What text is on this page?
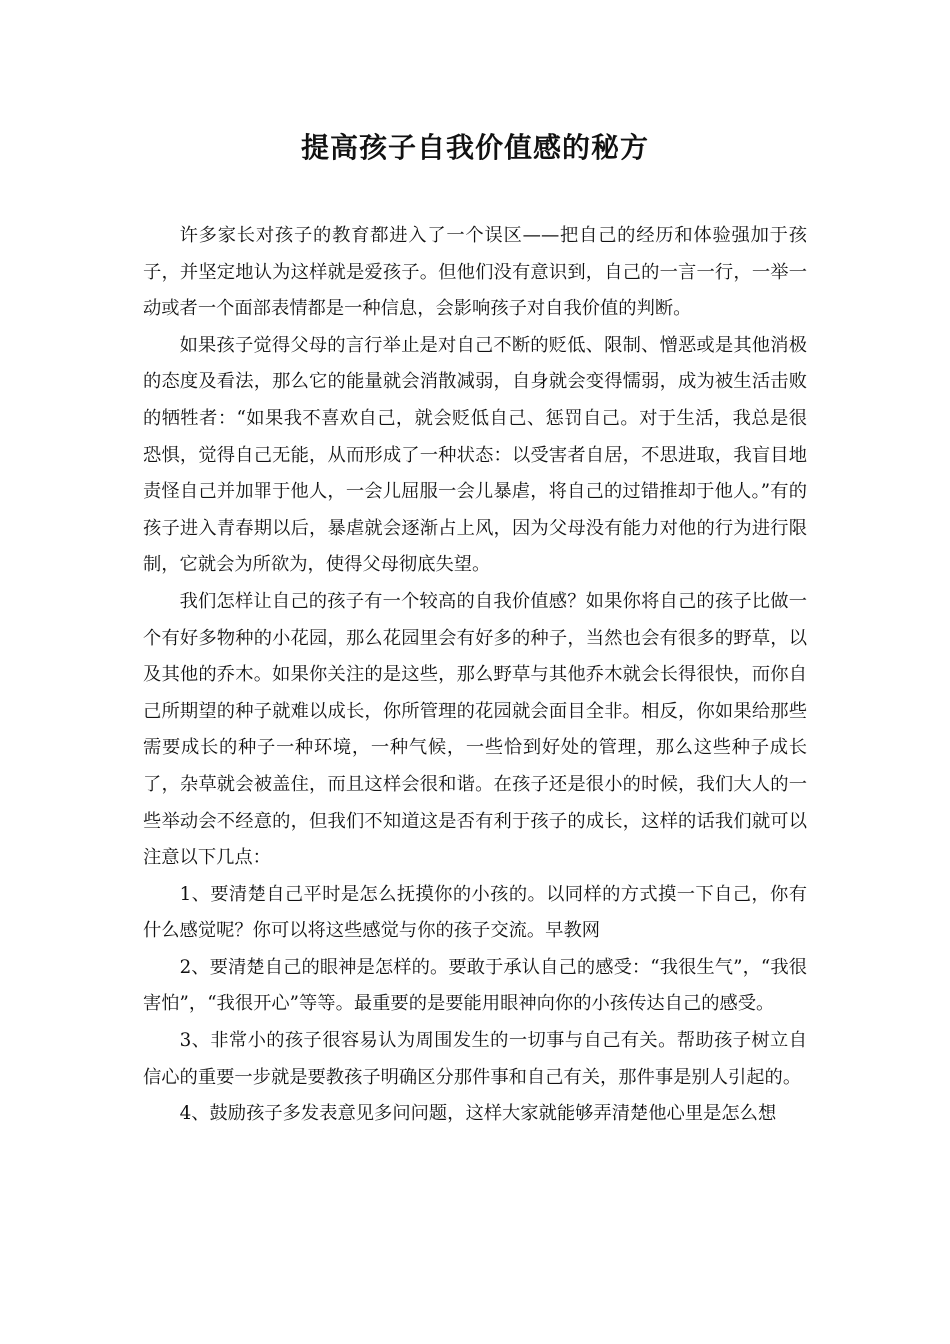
提高孩子自我价值感的秘方

许多家长对孩子的教育都进入了一个误区——把自己的经历和体验强加于孩子，并坚定地认为这样就是爱孩子。但他们没有意识到，自己的一言一行，一举一动或者一个面部表情都是一种信息，会影响孩子对自我价值的判断。

如果孩子觉得父母的言行举止是对自己不断的贬低、限制、憎恶或是其他消极的态度及看法，那么它的能量就会消散减弱，自身就会变得懦弱，成为被生活击败的牺牲者：“如果我不喜欢自己，就会贬低自己、惩罚自己。对于生活，我总是很恐惧，觉得自己无能，从而形成了一种状态：以受害者自居，不思进取，我盲目地责怪自己并加罪于他人，一会儿屈服一会儿暴虐，将自己的过错推却于他人。”有的孩子进入青春期以后，暴虐就会逐渐占上风，因为父母没有能力对他的行为进行限制，它就会为所欲为，使得父母彻底失望。

我们怎样让自己的孩子有一个较高的自我价值感？如果你将自己的孩子比做一个有好多物种的小花园，那么花园里会有好多的种子，当然也会有很多的野草，以及其他的乔木。如果你关注的是这些，那么野草与其他乔木就会长得很快，而你自己所期望的种子就难以成长，你所管理的花园就会面目全非。相反，你如果给那些需要成长的种子一种环境，一种气候，一些恰到好处的管理，那么这些种子成长了，杂草就会被盖住，而且这样会很和谐。在孩子还是很小的时候，我们大人的一些举动会不经意的，但我们不知道这是否有利于孩子的成长，这样的话我们就可以注意以下几点：

1、要清楚自己平时是怎么抚摸你的小孩的。以同样的方式摸一下自己，你有什么感觉呢？你可以将这些感觉与你的孩子交流。早教网

2、要清楚自己的眼神是怎样的。要敢于承认自己的感受：“我很生气”，“我很害怕”，“我很开心”等等。最重要的是要能用眼神向你的小孩传达自己的感受。

3、非常小的孩子很容易认为周围发生的一切事与自己有关。帮助孩子树立自信心的重要一步就是要教孩子明确区分那件事和自己有关，那件事是别人引起的。

4、鼓励孩子多发表意见多问问题，这样大家就能够弄清楚他心里是怎么想
